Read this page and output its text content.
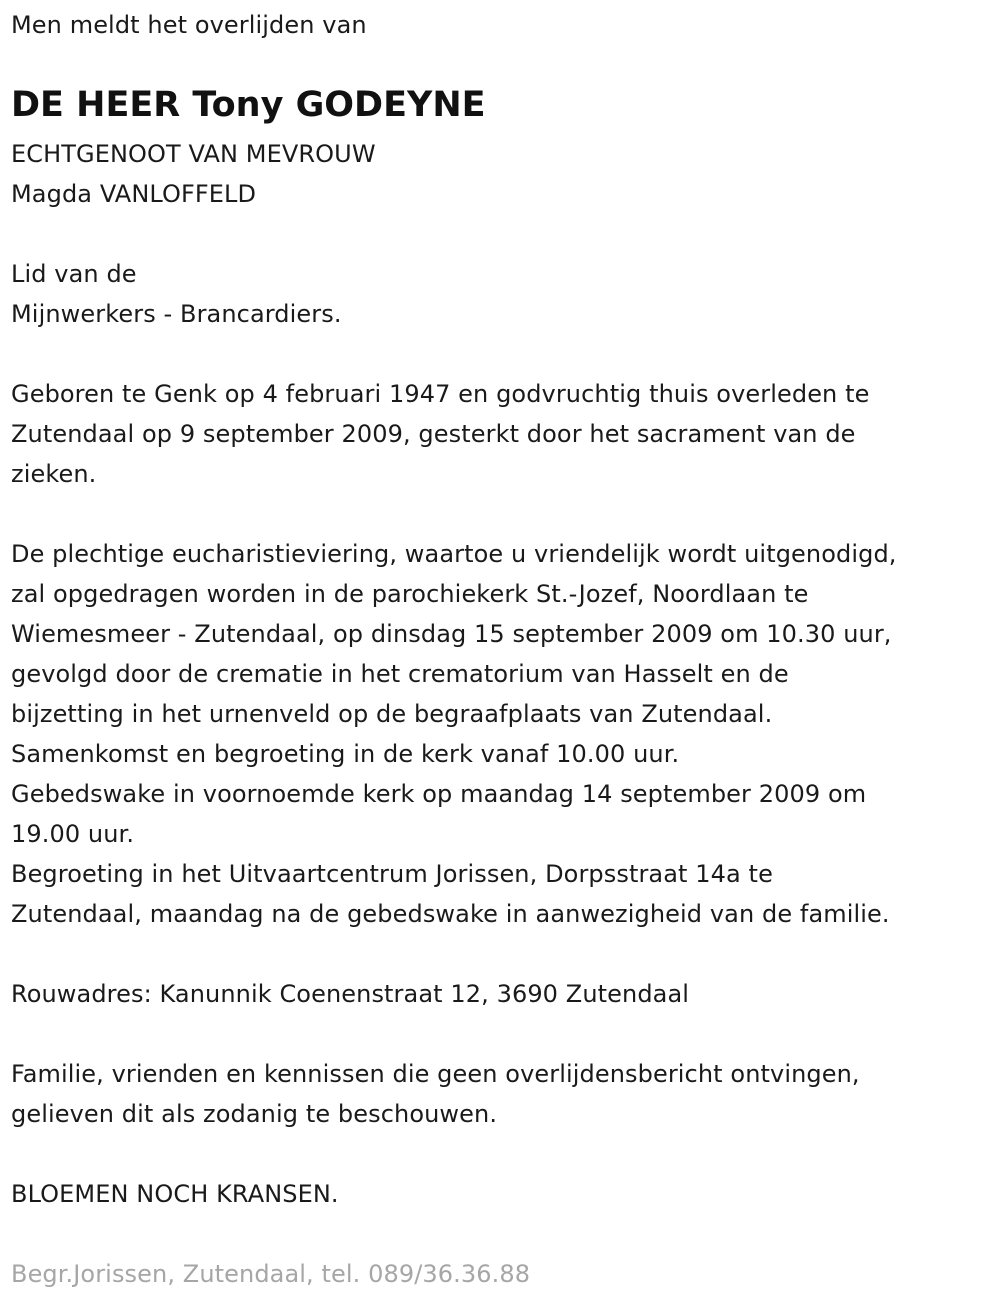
Men meldt het overlijden van
DE HEER Tony GODEYNE
ECHTGENOOT VAN MEVROUW
Magda VANLOFFELD
Lid van de
Mijnwerkers - Brancardiers.
Geboren te Genk op 4 februari 1947 en godvruchtig thuis overleden te
Zutendaal op 9 september 2009, gesterkt door het sacrament van de
zieken.
De plechtige eucharistieviering, waartoe u vriendelijk wordt uitgenodigd,
zal opgedragen worden in de parochiekerk St.-Jozef, Noordlaan te
Wiemesmeer - Zutendaal, op dinsdag 15 september 2009 om 10.30 uur,
gevolgd door de crematie in het crematorium van Hasselt en de
bijzetting in het urnenveld op de begraafplaats van Zutendaal.
Samenkomst en begroeting in de kerk vanaf 10.00 uur.
Gebedswake in voornoemde kerk op maandag 14 september 2009 om
19.00 uur.
Begroeting in het Uitvaartcentrum Jorissen, Dorpsstraat 14a te
Zutendaal, maandag na de gebedswake in aanwezigheid van de familie.
Rouwadres: Kanunnik Coenenstraat 12, 3690 Zutendaal
Familie, vrienden en kennissen die geen overlijdensbericht ontvingen,
gelieven dit als zodanig te beschouwen.
BLOEMEN NOCH KRANSEN.
Begr.Jorissen, Zutendaal, tel. 089/36.36.88
